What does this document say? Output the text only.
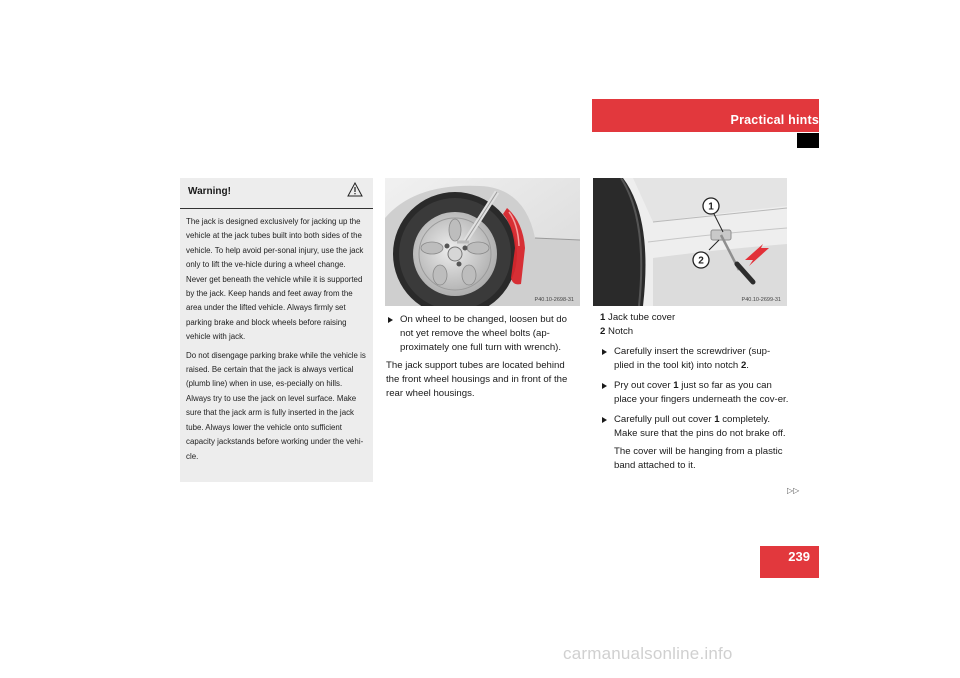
Practical hints
Warning!

The jack is designed exclusively for jacking up the vehicle at the jack tubes built into both sides of the vehicle. To help avoid per-sonal injury, use the jack only to lift the ve-hicle during a wheel change. Never get beneath the vehicle while it is supported by the jack. Keep hands and feet away from the area under the lifted vehicle. Always firmly set parking brake and block wheels before raising vehicle with jack.

Do not disengage parking brake while the vehicle is raised. Be certain that the jack is always vertical (plumb line) when in use, es-pecially on hills. Always try to use the jack on level surface. Make sure that the jack arm is fully inserted in the jack tube. Always lower the vehicle onto sufficient capacity jackstands before working under the vehi-cle.

P40.10-2698-31
1
2
P40.10-2699-31
On wheel to be changed, loosen but do not yet remove the wheel bolts (ap-proximately one full turn with wrench).
The jack support tubes are located behind the front wheel housings and in front of the rear wheel housings.
1 Jack tube cover
2 Notch
Carefully insert the screwdriver (sup-plied in the tool kit) into notch 2.
Pry out cover 1 just so far as you can place your fingers underneath the cov-er.
Carefully pull out cover 1 completely. Make sure that the pins do not brake off.
The cover will be hanging from a plastic band attached to it.
▷▷
239
carmanualsonline.info
